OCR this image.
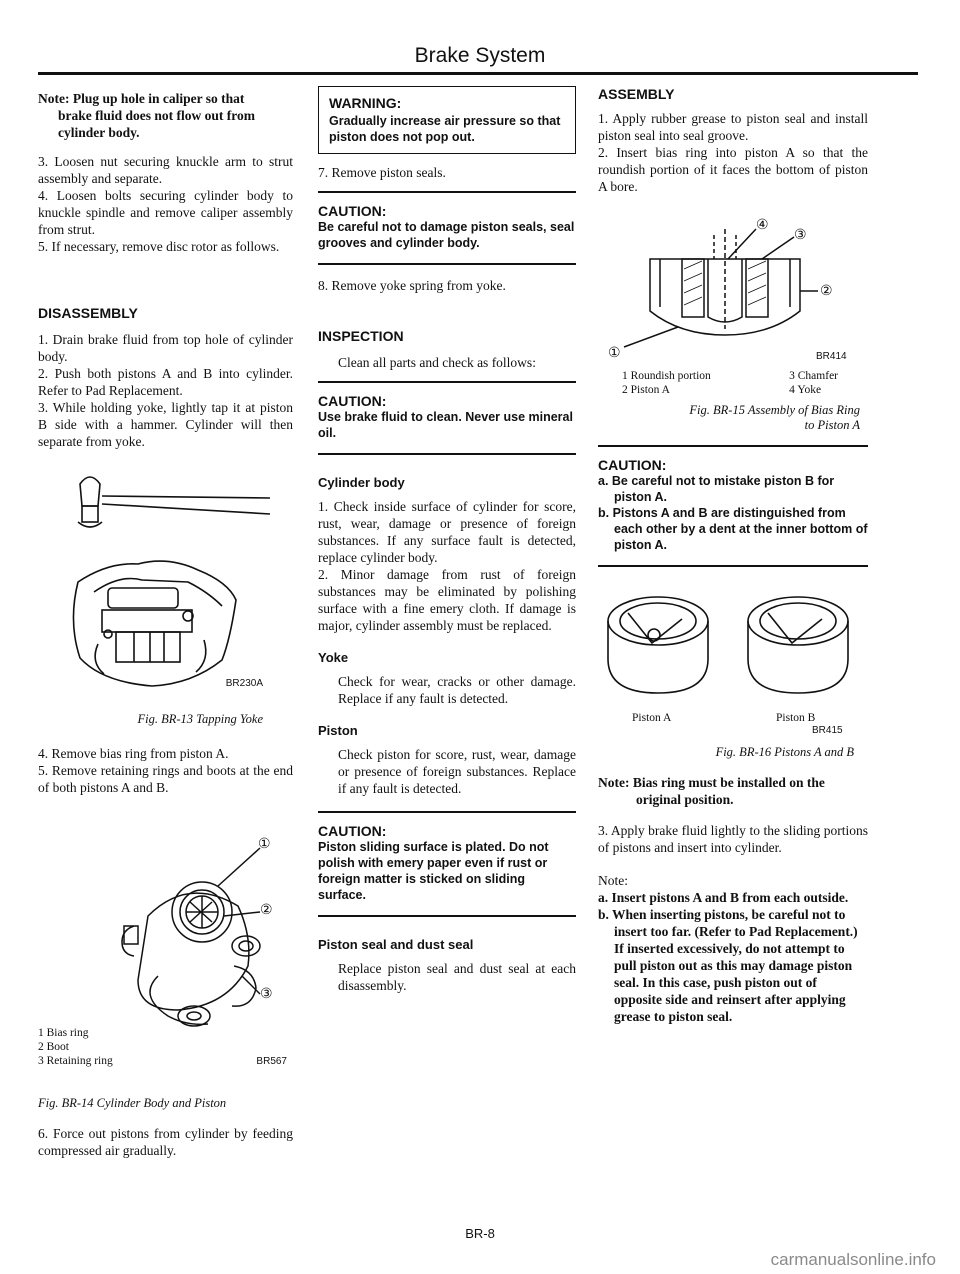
Brake System
Note: Plug up hole in caliper so that
brake fluid does not flow out from
cylinder body.

3. Loosen nut securing knuckle arm to strut assembly and separate.

4. Loosen bolts securing cylinder body to knuckle spindle and remove caliper assembly from strut.

5. If necessary, remove disc rotor as follows.

DISASSEMBLY

1. Drain brake fluid from top hole of cylinder body.

2. Push both pistons A and B into cylinder. Refer to Pad Replacement.

3. While holding yoke, lightly tap it at piston B side with a hammer. Cylinder will then separate from yoke.

BR230A
Fig. BR-13 Tapping Yoke

4. Remove bias ring from piston A.

5. Remove retaining rings and boots at the end of both pistons A and B.

①
②
③
1 Bias ring
2 Boot
3 Retaining ring	BR567
Fig. BR-14 Cylinder Body and Piston

6. Force out pistons from cylinder by feeding compressed air gradually.

WARNING:
Gradually increase air pressure so that piston does not pop out.

7. Remove piston seals.

CAUTION:
Be careful not to damage piston seals, seal grooves and cylinder body.

8. Remove yoke spring from yoke.

INSPECTION

Clean all parts and check as follows:

CAUTION:
Use brake fluid to clean. Never use mineral oil.
Cylinder body

1. Check inside surface of cylinder for score, rust, wear, damage or presence of foreign substances. If any surface fault is detected, replace cylinder body.

2. Minor damage from rust of foreign substances may be eliminated by polishing surface with a fine emery cloth. If damage is major, cylinder assembly must be replaced.

Yoke

Check for wear, cracks or other damage. Replace if any fault is detected.

Piston

Check piston for score, rust, wear, damage or presence of foreign substances. Replace if any fault is detected.

CAUTION:
Piston sliding surface is plated. Do not polish with emery paper even if rust or foreign matter is sticked on sliding surface.
Piston seal and dust seal

Replace piston seal and dust seal at each disassembly.

ASSEMBLY

1. Apply rubber grease to piston seal and install piston seal into seal groove.

2. Insert bias ring into piston A so that the roundish portion of it faces the bottom of piston A bore.

④
③
②
①	BR414
1 Roundish portion
2 Piston A
3 Chamfer
4 Yoke
Fig. BR-15 Assembly of Bias Ring
to Piston A
CAUTION:
a. Be careful not to mistake piston B for piston A.
b. Pistons A and B are distinguished from each other by a dent at the inner bottom of piston A.
Piston A	Piston B
BR415
Fig. BR-16 Pistons A and B
Note: Bias ring must be installed on the original position.

3. Apply brake fluid lightly to the sliding portions of pistons and insert into cylinder.

Note:
a. Insert pistons A and B from each outside.
b. When inserting pistons, be careful not to insert too far. (Refer to Pad Replacement.) If inserted excessively, do not attempt to pull piston out as this may damage piston seal. In this case, push piston out of opposite side and reinsert after applying grease to piston seal.
BR-8
carmanualsonline.info
